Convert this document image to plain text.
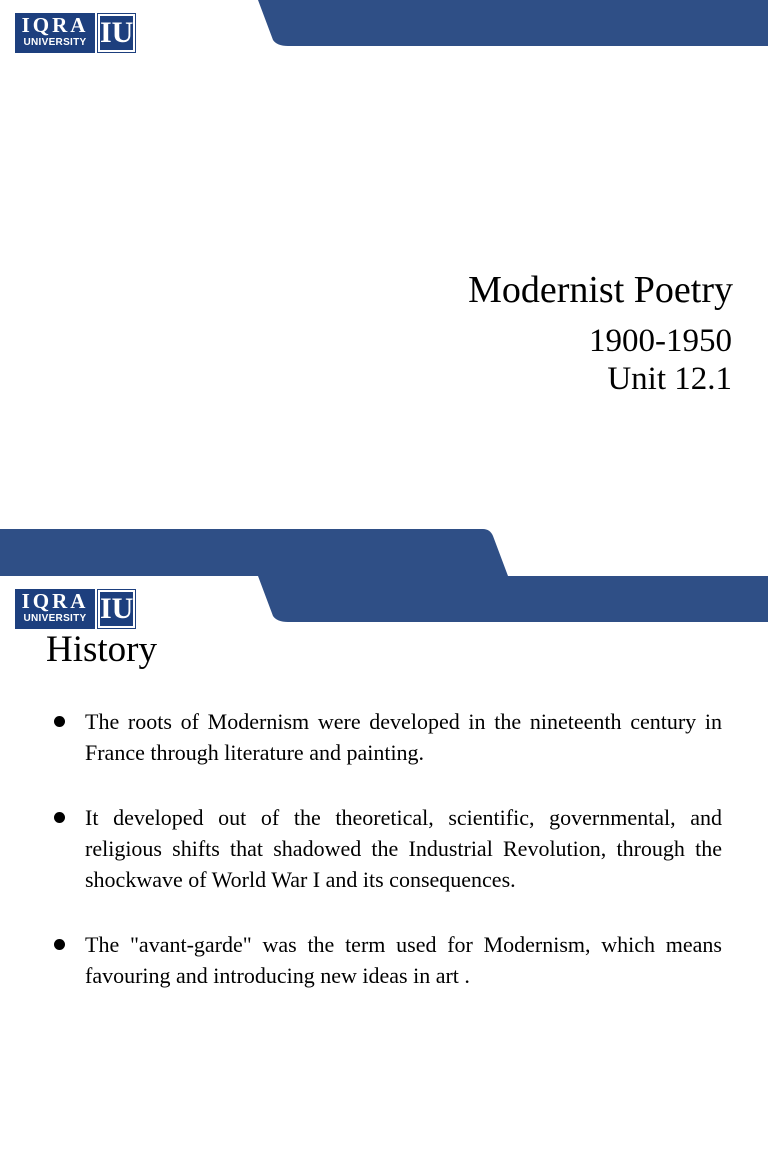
IQRA
UNIVERSITY IU
Modernist Poetry
1900-1950
Unit 12.1
IQRA
UNIVERSITY IU
History
The roots of Modernism were developed in the nineteenth century in France through literature and painting.
It developed out of the theoretical, scientific, governmental, and religious shifts that shadowed the Industrial Revolution, through the shockwave of World War I and its consequences.
The "avant-garde" was the term used for Modernism, which means favouring and introducing new ideas in art .
